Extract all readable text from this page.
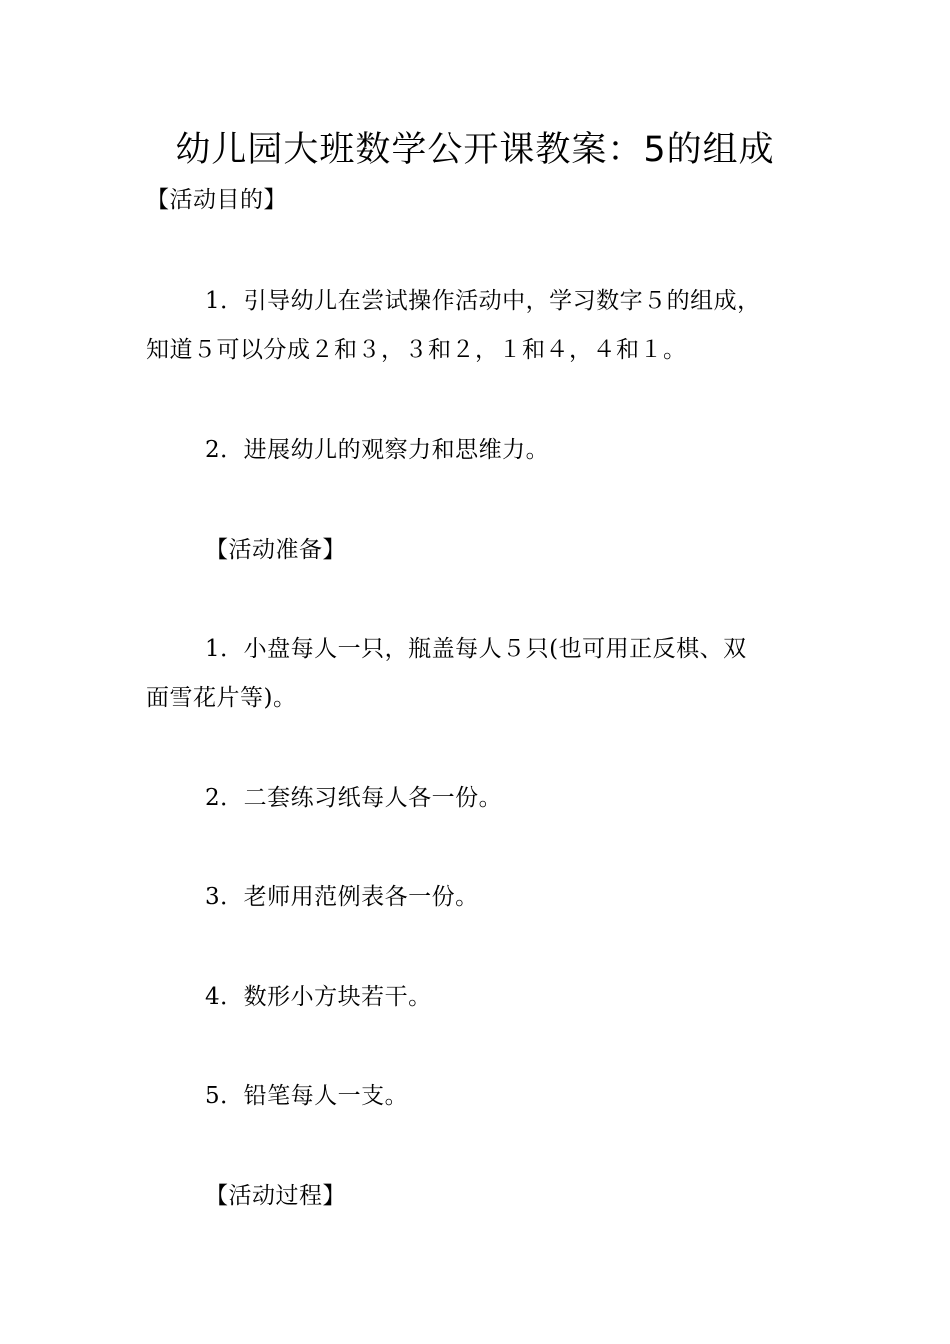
幼儿园大班数学公开课教案：5的组成
【活动目的】
1．引导幼儿在尝试操作活动中，学习数字５的组成，
知道５可以分成２和３，３和２，１和４，４和１。
2．进展幼儿的观察力和思维力。
【活动准备】
1．小盘每人一只，瓶盖每人５只(也可用正反棋、双
面雪花片等)。
2．二套练习纸每人各一份。
3．老师用范例表各一份。
4．数形小方块若干。
5．铅笔每人一支。
【活动过程】
